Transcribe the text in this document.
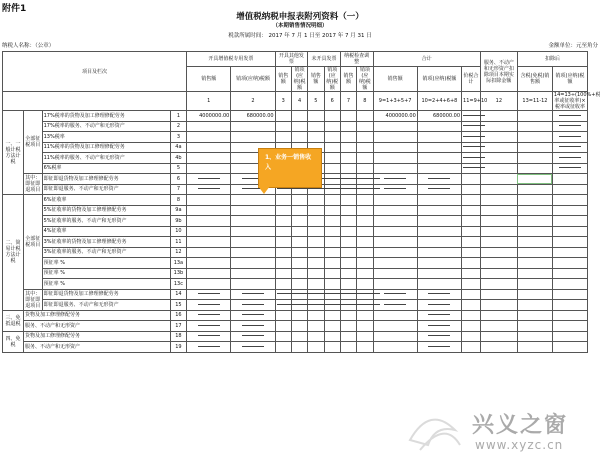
附件1
增值税纳税申报表附列资料（一）
（本期销售情况明细）
税款所属时间： 2017 年 7 月 1 日至 2017 年 7 月 31 日
纳税人名称：（公章）	金额单位：元至角分
项目及栏次				开具增值税专用发票		开具其他发票		未开具发票		纳税检查调整		合计			服务、不动产和无形资产扣除项目本期实际扣除金额	扣除后	
				销售额	销项(应纳)税额	销售额	销项(应纳)税额	销售额	销项(应纳)税额	销售额	销项(应纳)税额	销售额	销项(应纳)税额	价税合计		含税(免税)销售额	销项(应纳)税额
				1	2	3	4	5	6	7	8	9=1+3+5+7	10=2+4+6+8	11=9+10	12	13=11-12	14=13÷(100%+税率或征收率)×税率或征收率
一、一般计税方法计税	全部征税项目	17%税率的货物及加工修理修配劳务	1	4000000.00	680000.00							4000000.00	680000.00				
		17%税率的服务、不动产和无形资产	2														
		13%税率	3														
		11%税率的货物及加工修理修配劳务	4a														
		11%税率的服务、不动产和无形资产	4b														
		6%税率	5														
	其中：即征即退项目	即征即退货物及加工修理修配劳务	6														
		即征即退服务、不动产和无形资产	7														
二、简易计税方法计税	全部征税项目	6%征收率	8														
		5%征收率的货物及加工修理修配劳务	9a														
		5%征收率的服务、不动产和无形资产	9b														
		4%征收率	10														
		3%征收率的货物及加工修理修配劳务	11														
		3%征收率的服务、不动产和无形资产	12														
		预征率 %	13a														
		预征率 %	13b														
		预征率 %	13c														
	其中：即征即退项目	即征即退货物及加工修理修配劳务	14														
		即征即退服务、不动产和无形资产	15														
三、免抵退税	货物及加工修理修配劳务		16														
	服务、不动产和无形资产		17														
四、免税	货物及加工修理修配劳务		18														
	服务、不动产和无形资产		19														
1、业务一销售收入
兴义之窗
www.xyzc.cn
